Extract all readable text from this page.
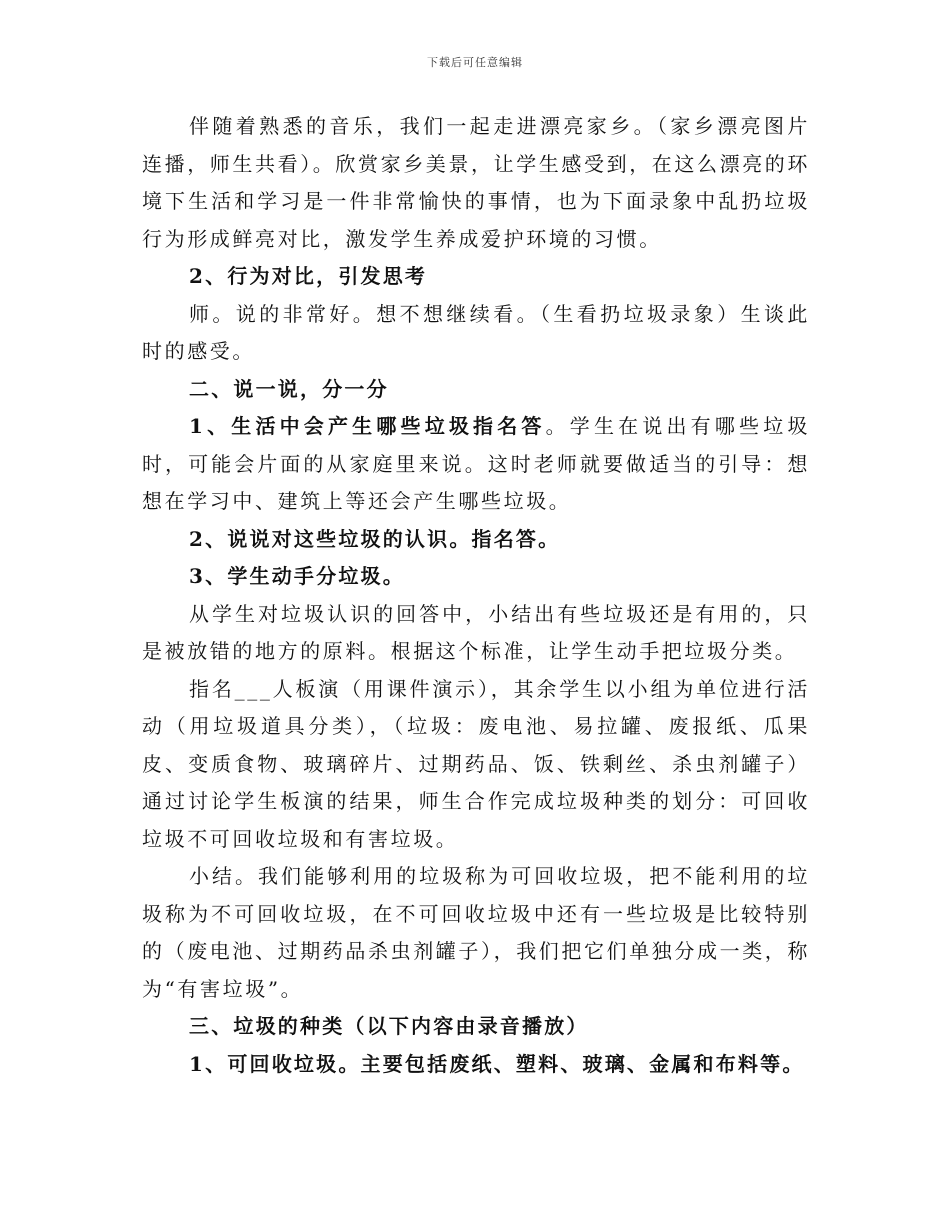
下载后可任意编辑

伴随着熟悉的音乐，我们一起走进漂亮家乡。（家乡漂亮图片连播，师生共看）。欣赏家乡美景，让学生感受到，在这么漂亮的环境下生活和学习是一件非常愉快的事情，也为下面录象中乱扔垃圾行为形成鲜亮对比，激发学生养成爱护环境的习惯。

2、行为对比，引发思考

师。说的非常好。想不想继续看。（生看扔垃圾录象）生谈此时的感受。

二、说一说，分一分

1、生活中会产生哪些垃圾指名答。学生在说出有哪些垃圾时，可能会片面的从家庭里来说。这时老师就要做适当的引导：想想在学习中、建筑上等还会产生哪些垃圾。

2、说说对这些垃圾的认识。指名答。

3、学生动手分垃圾。

从学生对垃圾认识的回答中，小结出有些垃圾还是有用的，只是被放错的地方的原料。根据这个标准，让学生动手把垃圾分类。

指名___人板演（用课件演示），其余学生以小组为单位进行活动（用垃圾道具分类），（垃圾：废电池、易拉罐、废报纸、瓜果皮、变质食物、玻璃碎片、过期药品、饭、铁剩丝、杀虫剂罐子）通过讨论学生板演的结果，师生合作完成垃圾种类的划分：可回收垃圾不可回收垃圾和有害垃圾。

小结。我们能够利用的垃圾称为可回收垃圾，把不能利用的垃圾称为不可回收垃圾，在不可回收垃圾中还有一些垃圾是比较特别的（废电池、过期药品杀虫剂罐子），我们把它们单独分成一类，称为“有害垃圾”。

三、垃圾的种类（以下内容由录音播放）

1、可回收垃圾。主要包括废纸、塑料、玻璃、金属和布料等。
